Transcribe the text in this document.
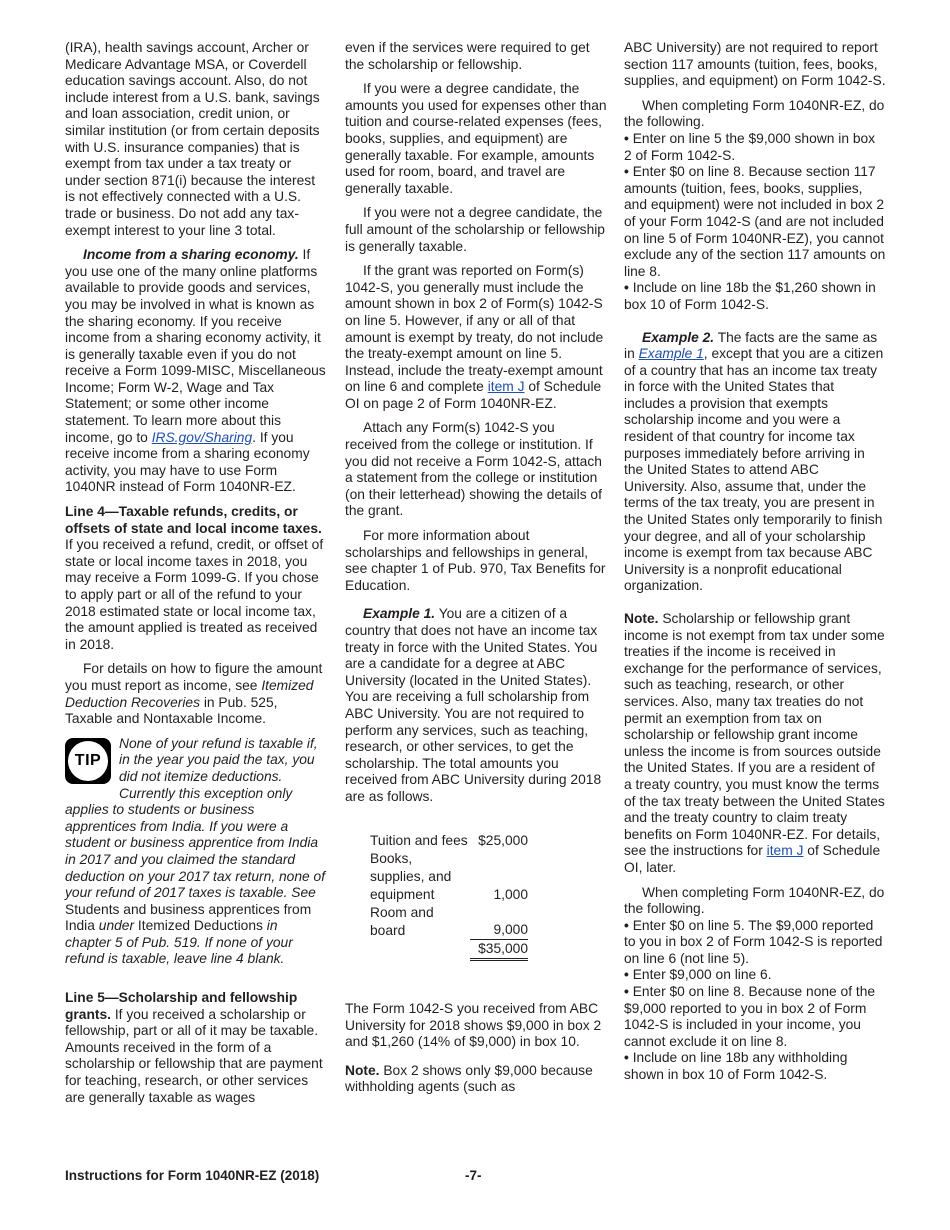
(IRA), health savings account, Archer or Medicare Advantage MSA, or Coverdell education savings account. Also, do not include interest from a U.S. bank, savings and loan association, credit union, or similar institution (or from certain deposits with U.S. insurance companies) that is exempt from tax under a tax treaty or under section 871(i) because the interest is not effectively connected with a U.S. trade or business. Do not add any tax-exempt interest to your line 3 total.

Income from a sharing economy. If you use one of the many online platforms available to provide goods and services, you may be involved in what is known as the sharing economy. If you receive income from a sharing economy activity, it is generally taxable even if you do not receive a Form 1099-MISC, Miscellaneous Income; Form W-2, Wage and Tax Statement; or some other income statement. To learn more about this income, go to IRS.gov/Sharing. If you receive income from a sharing economy activity, you may have to use Form 1040NR instead of Form 1040NR-EZ.

Line 4—Taxable refunds, credits, or offsets of state and local income taxes. If you received a refund, credit, or offset of state or local income taxes in 2018, you may receive a Form 1099-G. If you chose to apply part or all of the refund to your 2018 estimated state or local income tax, the amount applied is treated as received in 2018.

For details on how to figure the amount you must report as income, see Itemized Deduction Recoveries in Pub. 525, Taxable and Nontaxable Income.

TIP
None of your refund is taxable if, in the year you paid the tax, you did not itemize deductions. Currently this exception only applies to students or business apprentices from India. If you were a student or business apprentice from India in 2017 and you claimed the standard deduction on your 2017 tax return, none of your refund of 2017 taxes is taxable. See Students and business apprentices from India under Itemized Deductions in chapter 5 of Pub. 519. If none of your refund is taxable, leave line 4 blank.

Line 5—Scholarship and fellowship grants. If you received a scholarship or fellowship, part or all of it may be taxable. Amounts received in the form of a scholarship or fellowship that are payment for teaching, research, or other services are generally taxable as wages

even if the services were required to get the scholarship or fellowship.

If you were a degree candidate, the amounts you used for expenses other than tuition and course-related expenses (fees, books, supplies, and equipment) are generally taxable. For example, amounts used for room, board, and travel are generally taxable.

If you were not a degree candidate, the full amount of the scholarship or fellowship is generally taxable.

If the grant was reported on Form(s) 1042-S, you generally must include the amount shown in box 2 of Form(s) 1042-S on line 5. However, if any or all of that amount is exempt by treaty, do not include the treaty-exempt amount on line 5. Instead, include the treaty-exempt amount on line 6 and complete item J of Schedule OI on page 2 of Form 1040NR-EZ.

Attach any Form(s) 1042-S you received from the college or institution. If you did not receive a Form 1042-S, attach a statement from the college or institution (on their letterhead) showing the details of the grant.

For more information about scholarships and fellowships in general, see chapter 1 of Pub. 970, Tax Benefits for Education.

Example 1. You are a citizen of a country that does not have an income tax treaty in force with the United States. You are a candidate for a degree at ABC University (located in the United States). You are receiving a full scholarship from ABC University. You are not required to perform any services, such as teaching, research, or other services, to get the scholarship. The total amounts you received from ABC University during 2018 are as follows.

Tuition and fees	$25,000
Books, supplies, and equipment	1,000
Room and board	9,000
	$35,000

The Form 1042-S you received from ABC University for 2018 shows $9,000 in box 2 and $1,260 (14% of $9,000) in box 10.

Note. Box 2 shows only $9,000 because withholding agents (such as

ABC University) are not required to report section 117 amounts (tuition, fees, books, supplies, and equipment) on Form 1042-S.

When completing Form 1040NR-EZ, do the following.

• Enter on line 5 the $9,000 shown in box 2 of Form 1042-S.

• Enter $0 on line 8. Because section 117 amounts (tuition, fees, books, supplies, and equipment) were not included in box 2 of your Form 1042-S (and are not included on line 5 of Form 1040NR-EZ), you cannot exclude any of the section 117 amounts on line 8.

• Include on line 18b the $1,260 shown in box 10 of Form 1042-S.

Example 2. The facts are the same as in Example 1, except that you are a citizen of a country that has an income tax treaty in force with the United States that includes a provision that exempts scholarship income and you were a resident of that country for income tax purposes immediately before arriving in the United States to attend ABC University. Also, assume that, under the terms of the tax treaty, you are present in the United States only temporarily to finish your degree, and all of your scholarship income is exempt from tax because ABC University is a nonprofit educational organization.

Note. Scholarship or fellowship grant income is not exempt from tax under some treaties if the income is received in exchange for the performance of services, such as teaching, research, or other services. Also, many tax treaties do not permit an exemption from tax on scholarship or fellowship grant income unless the income is from sources outside the United States. If you are a resident of a treaty country, you must know the terms of the tax treaty between the United States and the treaty country to claim treaty benefits on Form 1040NR-EZ. For details, see the instructions for item J of Schedule OI, later.

When completing Form 1040NR-EZ, do the following.

• Enter $0 on line 5. The $9,000 reported to you in box 2 of Form 1042-S is reported on line 6 (not line 5).

• Enter $9,000 on line 6.

• Enter $0 on line 8. Because none of the $9,000 reported to you in box 2 of Form 1042-S is included in your income, you cannot exclude it on line 8.

• Include on line 18b any withholding shown in box 10 of Form 1042-S.

Instructions for Form 1040NR-EZ (2018)	-7-
